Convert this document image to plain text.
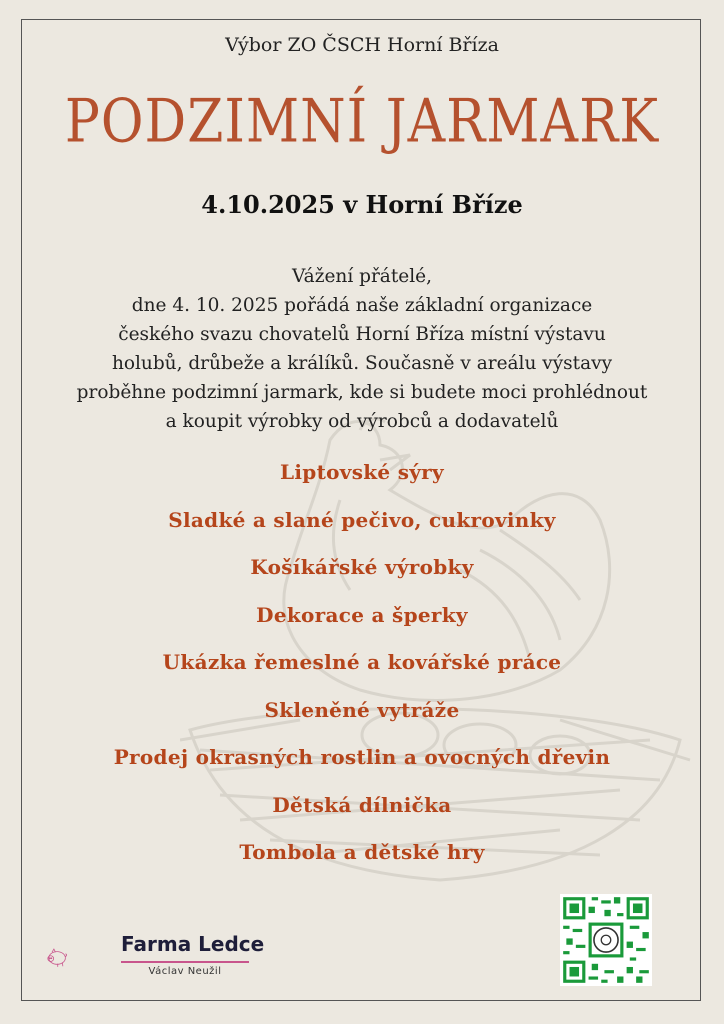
Výbor ZO ČSCH Horní Bříza
PODZIMNÍ JARMARK
4.10.2025 v Horní Bříze
Vážení přátelé,
dne 4. 10. 2025 pořádá naše základní organizace
českého svazu chovatelů Horní Bříza místní výstavu
holubů, drůbeže a králíků. Současně v areálu výstavy
proběhne podzimní jarmark, kde si budete moci prohlédnout
a koupit výrobky od výrobců a dodavatelů
Liptovské sýry
Sladké a slané pečivo, cukrovinky
Košíkářské výrobky
Dekorace a šperky
Ukázka řemeslné a kovářské práce
Skleněné vytráže
Prodej okrasných rostlin a ovocných dřevin
Dětská dílnička
Tombola a dětské hry
Farma Ledce
Václav Neužil
